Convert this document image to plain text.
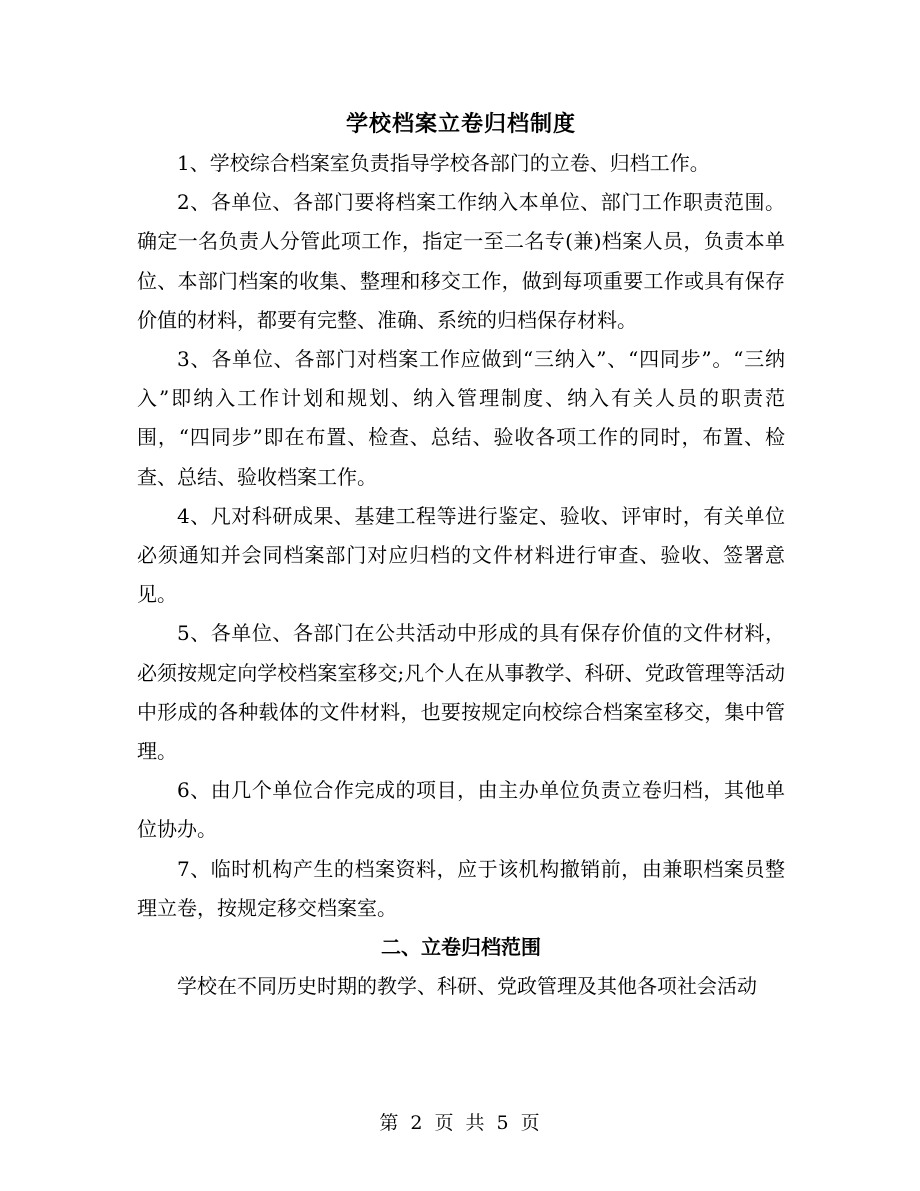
学校档案立卷归档制度

1、学校综合档案室负责指导学校各部门的立卷、归档工作。

2、各单位、各部门要将档案工作纳入本单位、部门工作职责范围。确定一名负责人分管此项工作，指定一至二名专(兼)档案人员，负责本单位、本部门档案的收集、整理和移交工作，做到每项重要工作或具有保存价值的材料，都要有完整、准确、系统的归档保存材料。

3、各单位、各部门对档案工作应做到“三纳入”、“四同步”。“三纳入”即纳入工作计划和规划、纳入管理制度、纳入有关人员的职责范围，“四同步”即在布置、检查、总结、验收各项工作的同时，布置、检查、总结、验收档案工作。

4、凡对科研成果、基建工程等进行鉴定、验收、评审时，有关单位必须通知并会同档案部门对应归档的文件材料进行审查、验收、签署意见。

5、各单位、各部门在公共活动中形成的具有保存价值的文件材料，必须按规定向学校档案室移交;凡个人在从事教学、科研、党政管理等活动中形成的各种载体的文件材料，也要按规定向校综合档案室移交，集中管理。

6、由几个单位合作完成的项目，由主办单位负责立卷归档，其他单位协办。

7、临时机构产生的档案资料，应于该机构撤销前，由兼职档案员整理立卷，按规定移交档案室。

二、立卷归档范围

学校在不同历史时期的教学、科研、党政管理及其他各项社会活动

第 2 页 共 5 页
